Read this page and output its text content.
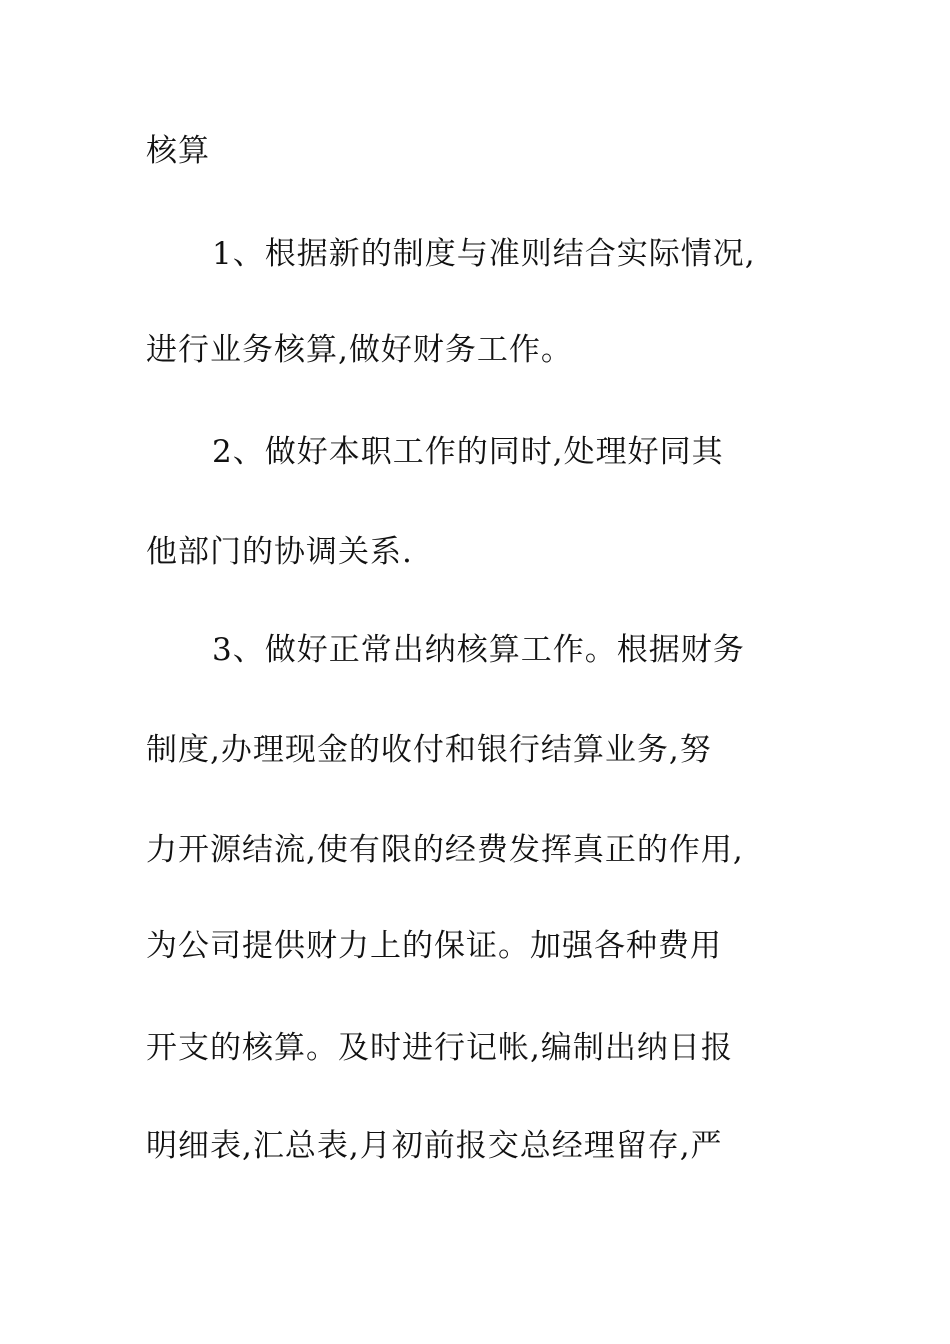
核算
1、根据新的制度与准则结合实际情况,
进行业务核算,做好财务工作。
2、做好本职工作的同时,处理好同其
他部门的协调关系.
3、做好正常出纳核算工作。根据财务
制度,办理现金的收付和银行结算业务,努
力开源结流,使有限的经费发挥真正的作用,
为公司提供财力上的保证。加强各种费用
开支的核算。及时进行记帐,编制出纳日报
明细表,汇总表,月初前报交总经理留存,严
